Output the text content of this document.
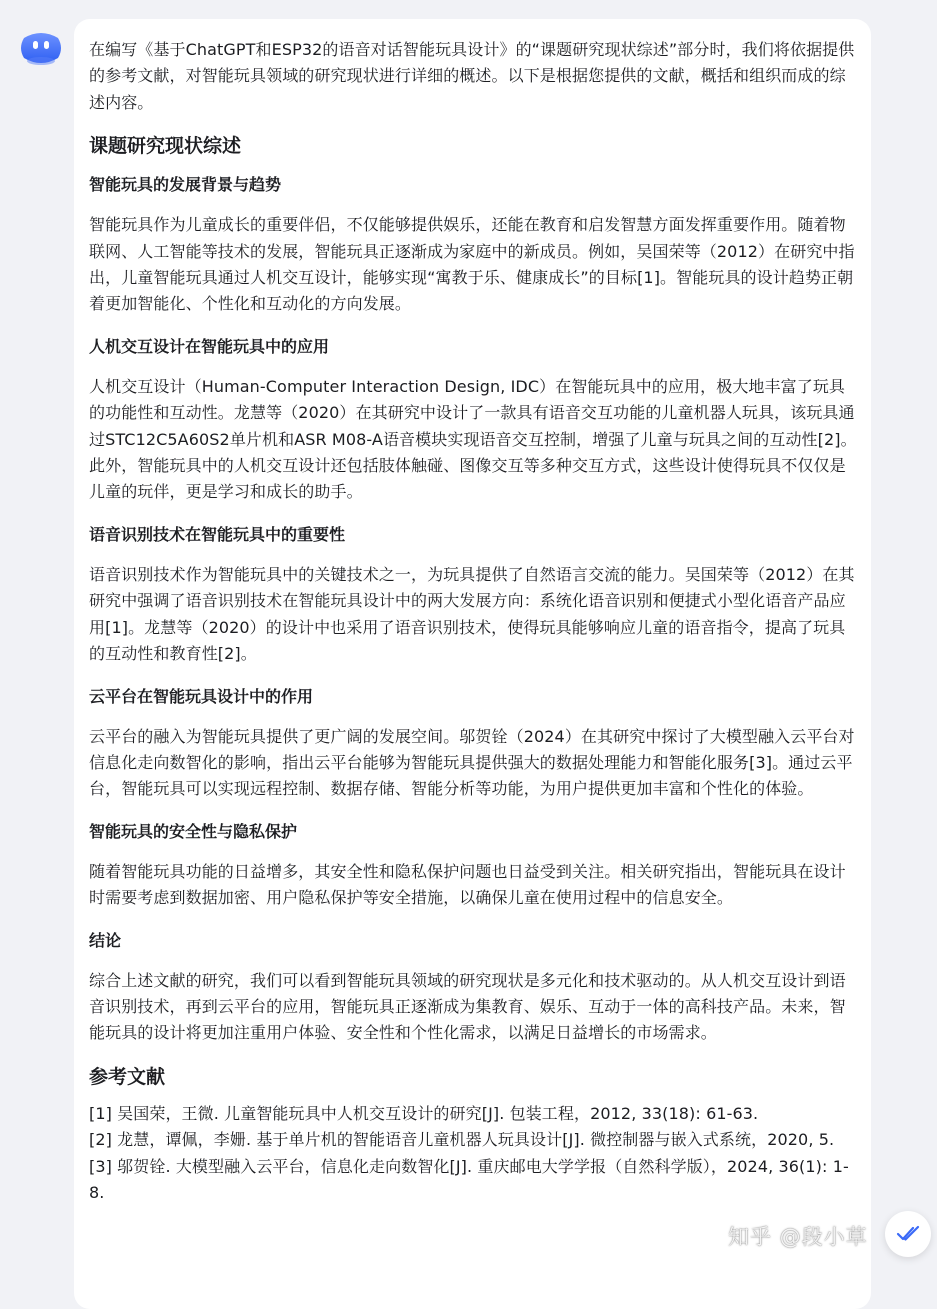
在编写《基于ChatGPT和ESP32的语音对话智能玩具设计》的“课题研究现状综述”部分时，我们将依据提供的参考文献，对智能玩具领域的研究现状进行详细的概述。以下是根据您提供的文献，概括和组织而成的综述内容。

课题研究现状综述
智能玩具的发展背景与趋势

智能玩具作为儿童成长的重要伴侣，不仅能够提供娱乐，还能在教育和启发智慧方面发挥重要作用。随着物联网、人工智能等技术的发展，智能玩具正逐渐成为家庭中的新成员。例如，吴国荣等（2012）在研究中指出，儿童智能玩具通过人机交互设计，能够实现“寓教于乐、健康成长”的目标[1]。智能玩具的设计趋势正朝着更加智能化、个性化和互动化的方向发展。

人机交互设计在智能玩具中的应用

人机交互设计（Human-Computer Interaction Design, IDC）在智能玩具中的应用，极大地丰富了玩具的功能性和互动性。龙慧等（2020）在其研究中设计了一款具有语音交互功能的儿童机器人玩具，该玩具通过STC12C5A60S2单片机和ASR M08-A语音模块实现语音交互控制，增强了儿童与玩具之间的互动性[2]。此外，智能玩具中的人机交互设计还包括肢体触碰、图像交互等多种交互方式，这些设计使得玩具不仅仅是儿童的玩伴，更是学习和成长的助手。

语音识别技术在智能玩具中的重要性

语音识别技术作为智能玩具中的关键技术之一，为玩具提供了自然语言交流的能力。吴国荣等（2012）在其研究中强调了语音识别技术在智能玩具设计中的两大发展方向：系统化语音识别和便捷式小型化语音产品应用[1]。龙慧等（2020）的设计中也采用了语音识别技术，使得玩具能够响应儿童的语音指令，提高了玩具的互动性和教育性[2]。

云平台在智能玩具设计中的作用

云平台的融入为智能玩具提供了更广阔的发展空间。邬贺铨（2024）在其研究中探讨了大模型融入云平台对信息化走向数智化的影响，指出云平台能够为智能玩具提供强大的数据处理能力和智能化服务[3]。通过云平台，智能玩具可以实现远程控制、数据存储、智能分析等功能，为用户提供更加丰富和个性化的体验。

智能玩具的安全性与隐私保护

随着智能玩具功能的日益增多，其安全性和隐私保护问题也日益受到关注。相关研究指出，智能玩具在设计时需要考虑到数据加密、用户隐私保护等安全措施，以确保儿童在使用过程中的信息安全。

结论

综合上述文献的研究，我们可以看到智能玩具领域的研究现状是多元化和技术驱动的。从人机交互设计到语音识别技术，再到云平台的应用，智能玩具正逐渐成为集教育、娱乐、互动于一体的高科技产品。未来，智能玩具的设计将更加注重用户体验、安全性和个性化需求，以满足日益增长的市场需求。

参考文献

[1] 吴国荣，王微. 儿童智能玩具中人机交互设计的研究[J]. 包装工程，2012, 33(18): 61-63.

[2] 龙慧，谭佩，李姗. 基于单片机的智能语音儿童机器人玩具设计[J]. 微控制器与嵌入式系统，2020, 5.

[3] 邬贺铨. 大模型融入云平台，信息化走向数智化[J]. 重庆邮电大学学报（自然科学版），2024, 36(1): 1-8.

知乎 @段小草
